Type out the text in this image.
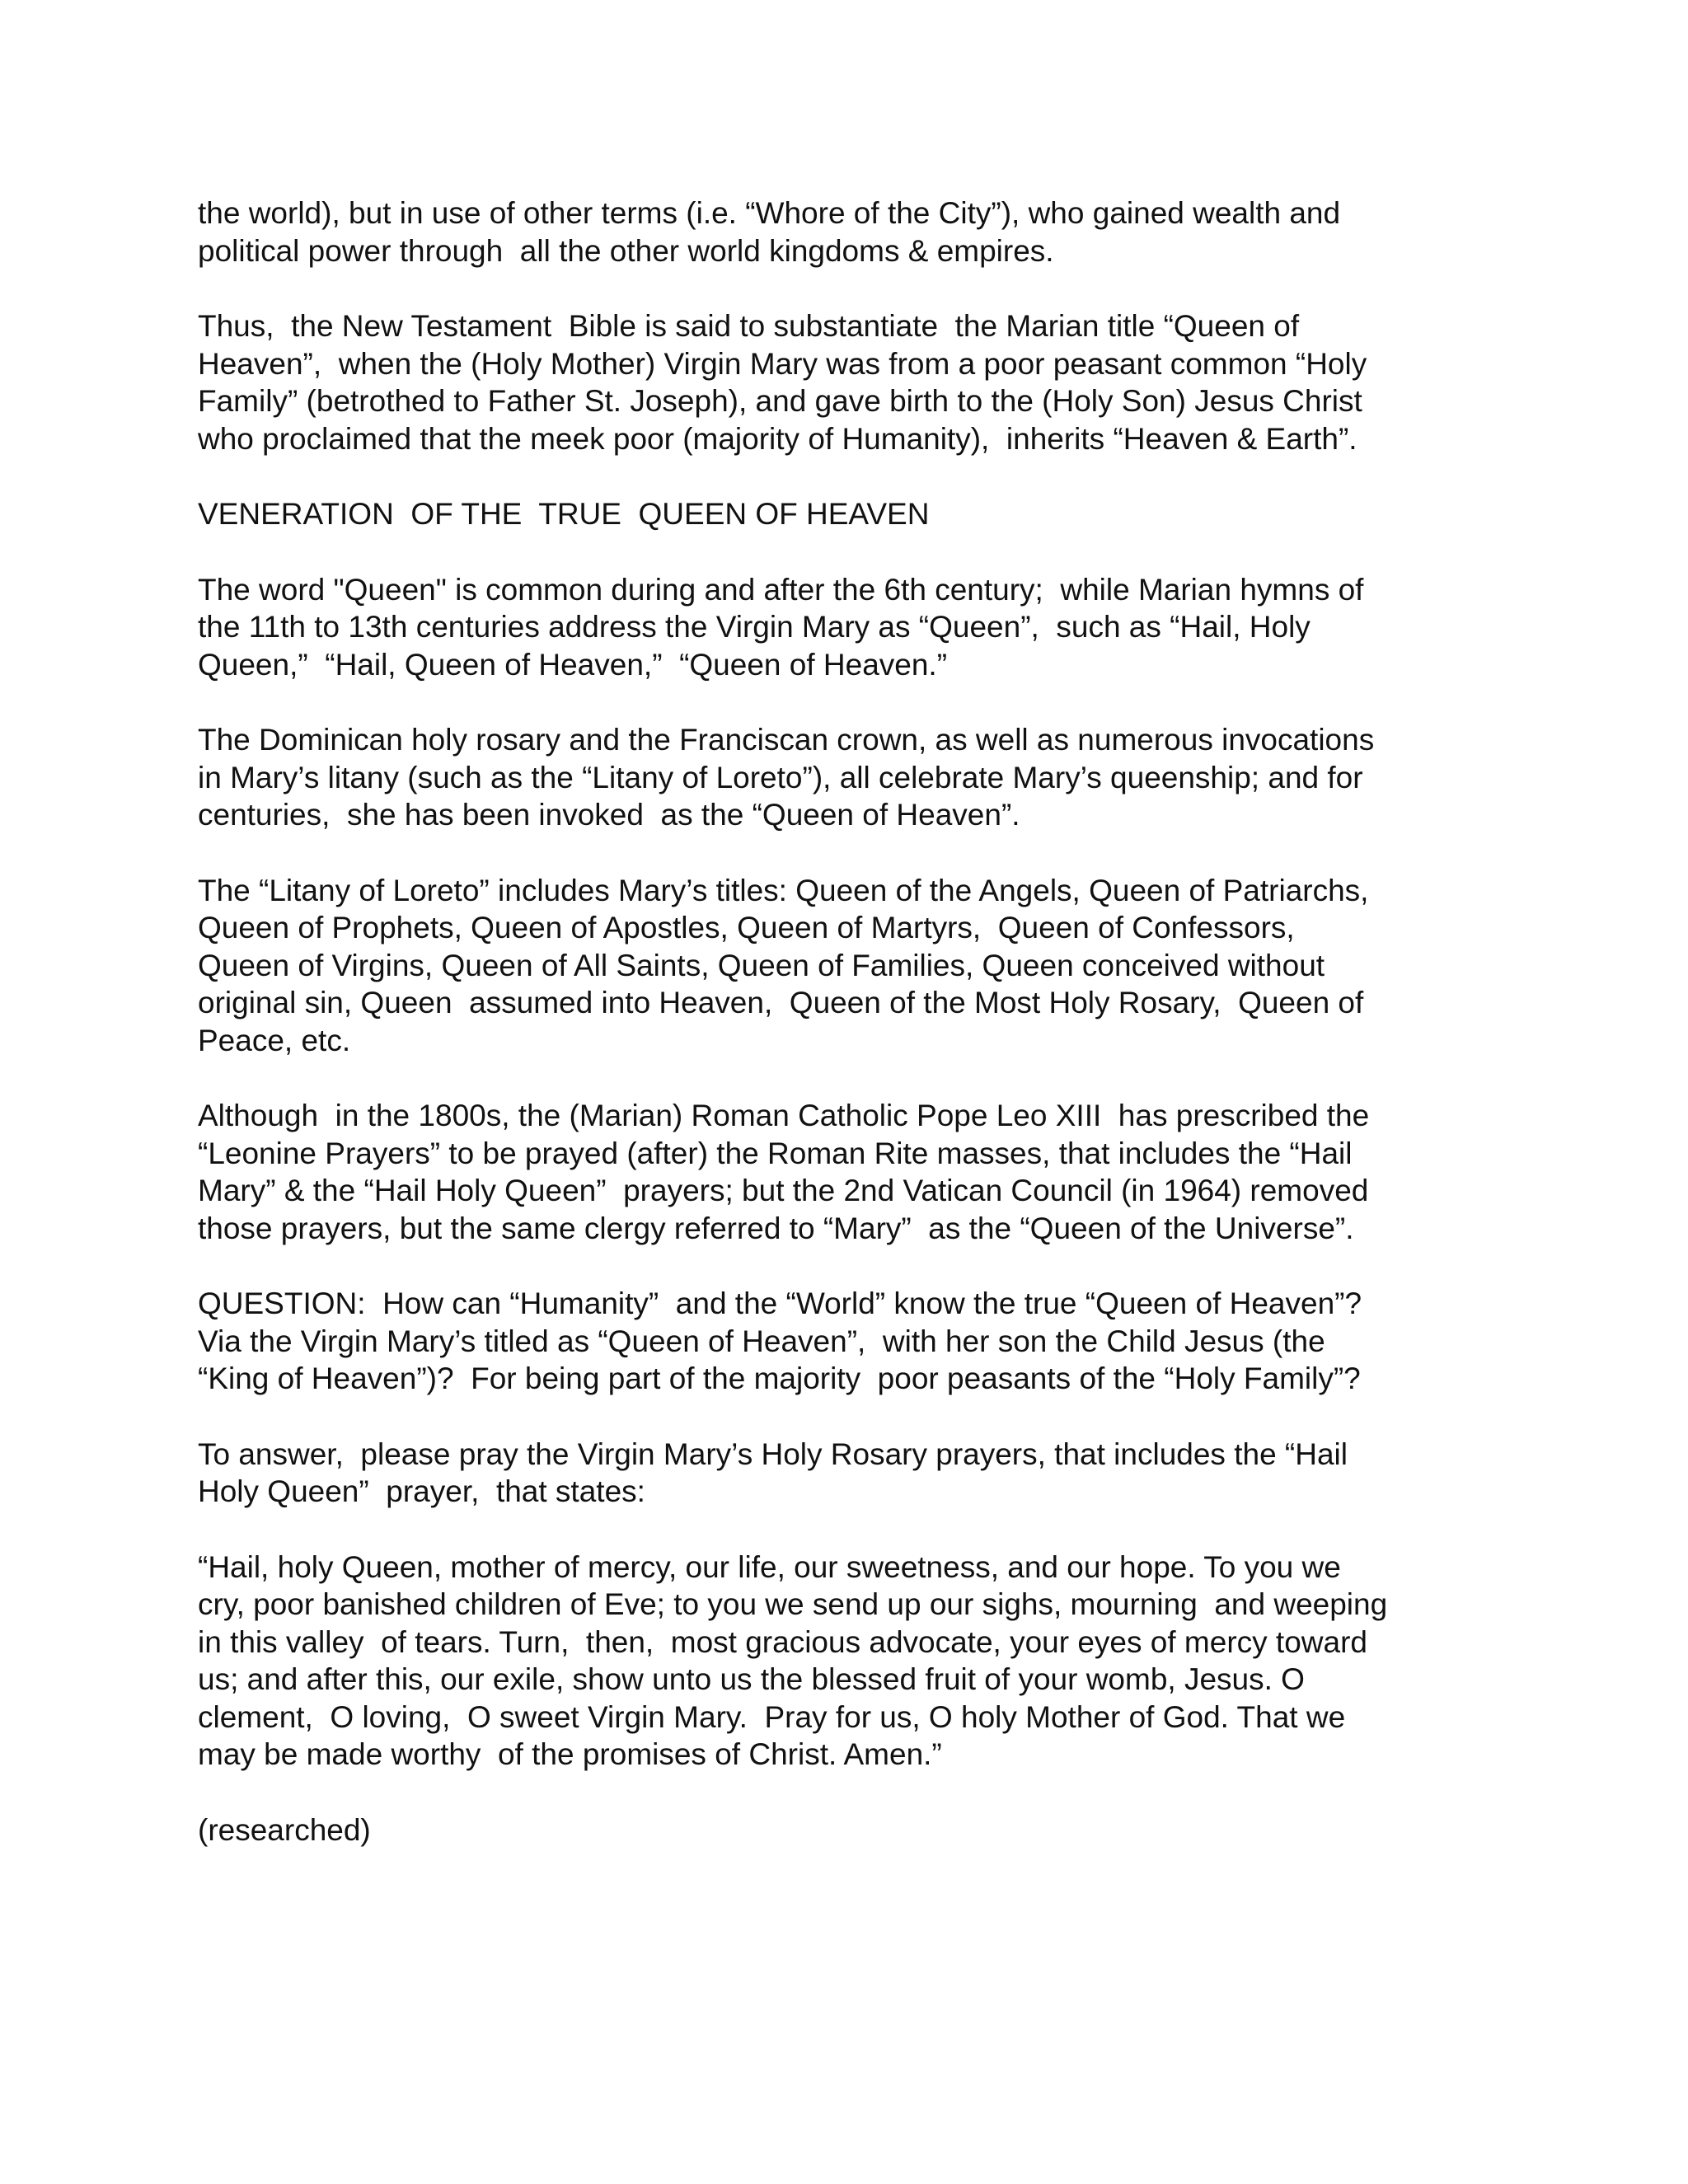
the world), but in use of other terms (i.e. “Whore of the City”), who gained wealth and
political power through  all the other world kingdoms & empires.

Thus,  the New Testament  Bible is said to substantiate  the Marian title “Queen of
Heaven”,  when the (Holy Mother) Virgin Mary was from a poor peasant common “Holy
Family” (betrothed to Father St. Joseph), and gave birth to the (Holy Son) Jesus Christ
who proclaimed that the meek poor (majority of Humanity),  inherits “Heaven & Earth”.

VENERATION  OF THE  TRUE  QUEEN OF HEAVEN

The word "Queen" is common during and after the 6th century;  while Marian hymns of
the 11th to 13th centuries address the Virgin Mary as “Queen”,  such as “Hail, Holy
Queen,”  “Hail, Queen of Heaven,”  “Queen of Heaven.”

The Dominican holy rosary and the Franciscan crown, as well as numerous invocations
in Mary’s litany (such as the “Litany of Loreto”), all celebrate Mary’s queenship; and for
centuries,  she has been invoked  as the “Queen of Heaven”.

The “Litany of Loreto” includes Mary’s titles: Queen of the Angels, Queen of Patriarchs,
Queen of Prophets, Queen of Apostles, Queen of Martyrs,  Queen of Confessors,
Queen of Virgins, Queen of All Saints, Queen of Families, Queen conceived without
original sin, Queen  assumed into Heaven,  Queen of the Most Holy Rosary,  Queen of
Peace, etc.

Although  in the 1800s, the (Marian) Roman Catholic Pope Leo XIII  has prescribed the
“Leonine Prayers” to be prayed (after) the Roman Rite masses, that includes the “Hail
Mary” & the “Hail Holy Queen”  prayers; but the 2nd Vatican Council (in 1964) removed
those prayers, but the same clergy referred to “Mary”  as the “Queen of the Universe”.

QUESTION:  How can “Humanity”  and the “World” know the true “Queen of Heaven”?
Via the Virgin Mary’s titled as “Queen of Heaven”,  with her son the Child Jesus (the
“King of Heaven”)?  For being part of the majority  poor peasants of the “Holy Family”?

To answer,  please pray the Virgin Mary’s Holy Rosary prayers, that includes the “Hail
Holy Queen”  prayer,  that states:

“Hail, holy Queen, mother of mercy, our life, our sweetness, and our hope. To you we
cry, poor banished children of Eve; to you we send up our sighs, mourning  and weeping
in this valley  of tears. Turn,  then,  most gracious advocate, your eyes of mercy toward
us; and after this, our exile, show unto us the blessed fruit of your womb, Jesus. O
clement,  O loving,  O sweet Virgin Mary.  Pray for us, O holy Mother of God. That we
may be made worthy  of the promises of Christ. Amen.”

(researched)
